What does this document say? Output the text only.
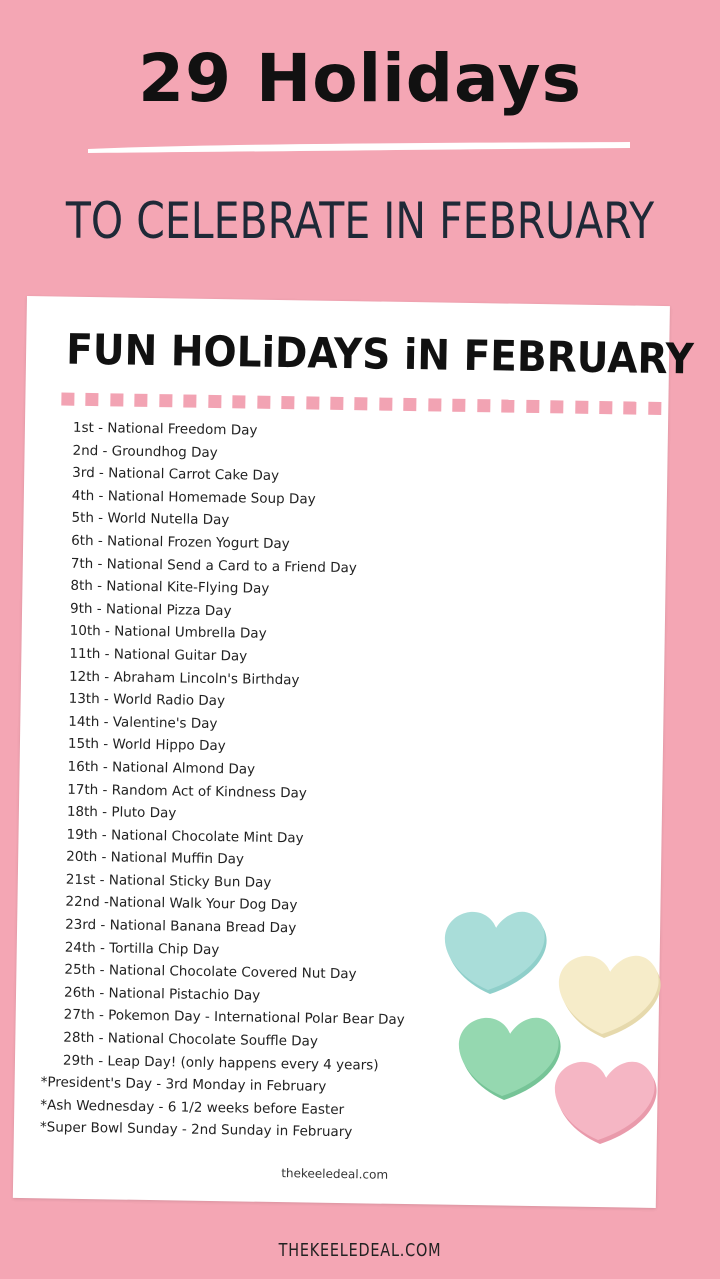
29 Holidays
TO CELEBRATE IN FEBRUARY
FUN HOLiDAYS iN FEBRUARY
1st - National Freedom Day
2nd - Groundhog Day
3rd - National Carrot Cake Day
4th - National Homemade Soup Day
5th - World Nutella Day
6th - National Frozen Yogurt Day
7th - National Send a Card to a Friend Day
8th - National Kite-Flying Day
9th - National Pizza Day
10th - National Umbrella Day
11th - National Guitar Day
12th - Abraham Lincoln's Birthday
13th - World Radio Day
14th - Valentine's Day
15th - World Hippo Day
16th - National Almond Day
17th - Random Act of Kindness Day
18th - Pluto Day
19th - National Chocolate Mint Day
20th - National Muffin Day
21st - National Sticky Bun Day
22nd -National Walk Your Dog Day
23rd - National Banana Bread Day
24th - Tortilla Chip Day
25th - National Chocolate Covered Nut Day
26th - National Pistachio Day
27th - Pokemon Day - International Polar Bear Day
28th - National Chocolate Souffle Day
29th - Leap Day! (only happens every 4 years)
*President's Day - 3rd Monday in February
*Ash Wednesday - 6 1/2 weeks before Easter
*Super Bowl Sunday - 2nd Sunday in February
thekeeledeal.com
THEKEELEDEAL.COM
